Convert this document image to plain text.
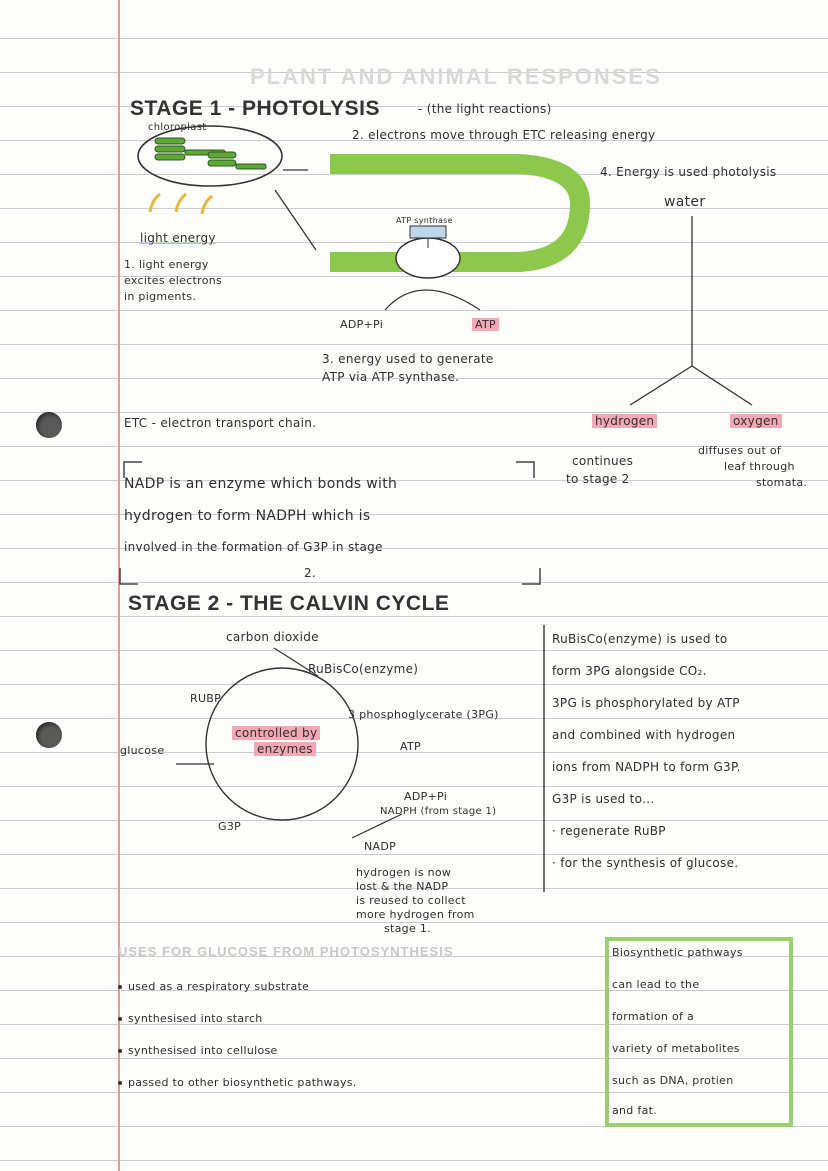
PLANT AND ANIMAL RESPONSES
STAGE 1 - PHOTOLYSIS	- (the light reactions)
chloroplast
2. electrons move through ETC releasing energy
light energy
1. light energy
excites electrons
in pigments.
ATP synthase
ADP+Pi	ATP
3. energy used to generate
ATP via ATP synthase.
4. Energy is used photolysis
water
hydrogen	oxygen
continues
to stage 2
diffuses out of
leaf through
stomata.
ETC - electron transport chain.
NADP is an enzyme which bonds with
hydrogen to form NADPH which is
involved in the formation of G3P in stage
2.
STAGE 2 - THE CALVIN CYCLE
carbon dioxide
RuBisCo(enzyme)
RUBP
3 phosphoglycerate (3PG)
controlled by
enzymes	ATP
glucose
ADP+Pi
NADPH (from stage 1)
G3P
NADP
hydrogen is now
lost & the NADP
is reused to collect
more hydrogen from
stage 1.
RuBisCo(enzyme) is used to
form 3PG alongside CO₂.
3PG is phosphorylated by ATP
and combined with hydrogen
ions from NADPH to form G3P.
G3P is used to...
· regenerate RuBP
· for the synthesis of glucose.
USES FOR GLUCOSE FROM PHOTOSYNTHESIS
used as a respiratory substrate
synthesised into starch
synthesised into cellulose
passed to other biosynthetic pathways.
Biosynthetic pathways
can lead to the
formation of a
variety of metabolites
such as DNA, protien
and fat.
